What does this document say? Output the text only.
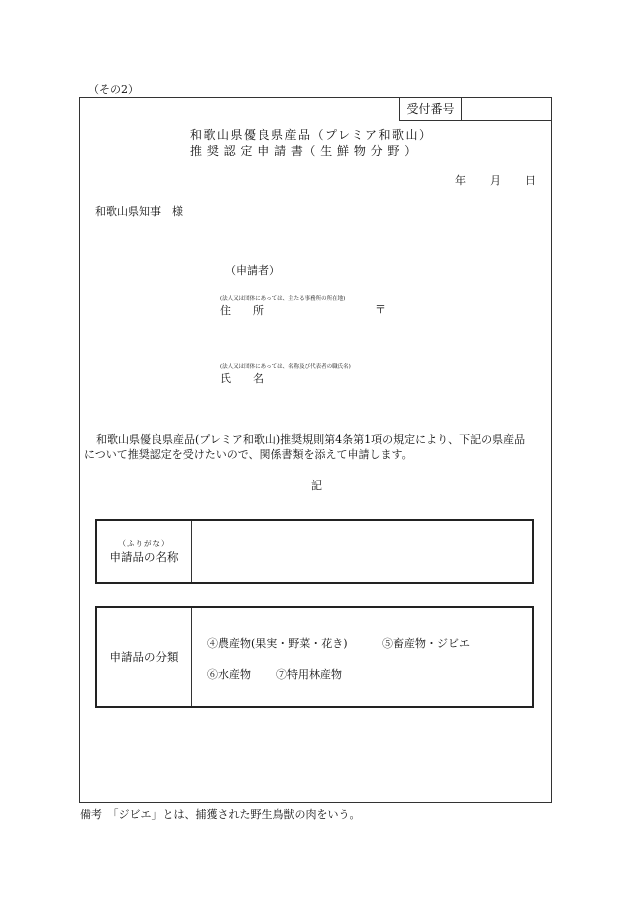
（その2）
受付番号
和歌山県優良県産品（プレミア和歌山）
推 奨 認 定 申 請 書（ 生 鮮 物 分 野 ）
年 月 日
和歌山県知事　様
（申請者）
(法人又は団体にあっては、主たる事務所の所在地)
住　　所	〒
(法人又は団体にあっては、名称及び代表者の職氏名)
氏　　名
和歌山県優良県産品(プレミア和歌山)推奨規則第4条第1項の規定により、下記の県産品
について推奨認定を受けたいので、関係書類を添えて申請します。
記
（ふりがな）
申請品の名称
申請品の分類
④農産物(果実・野菜・花き)	⑤畜産物・ジビエ
⑥水産物 ⑦特用林産物
備考　「ジビエ」とは、捕獲された野生鳥獣の肉をいう。
